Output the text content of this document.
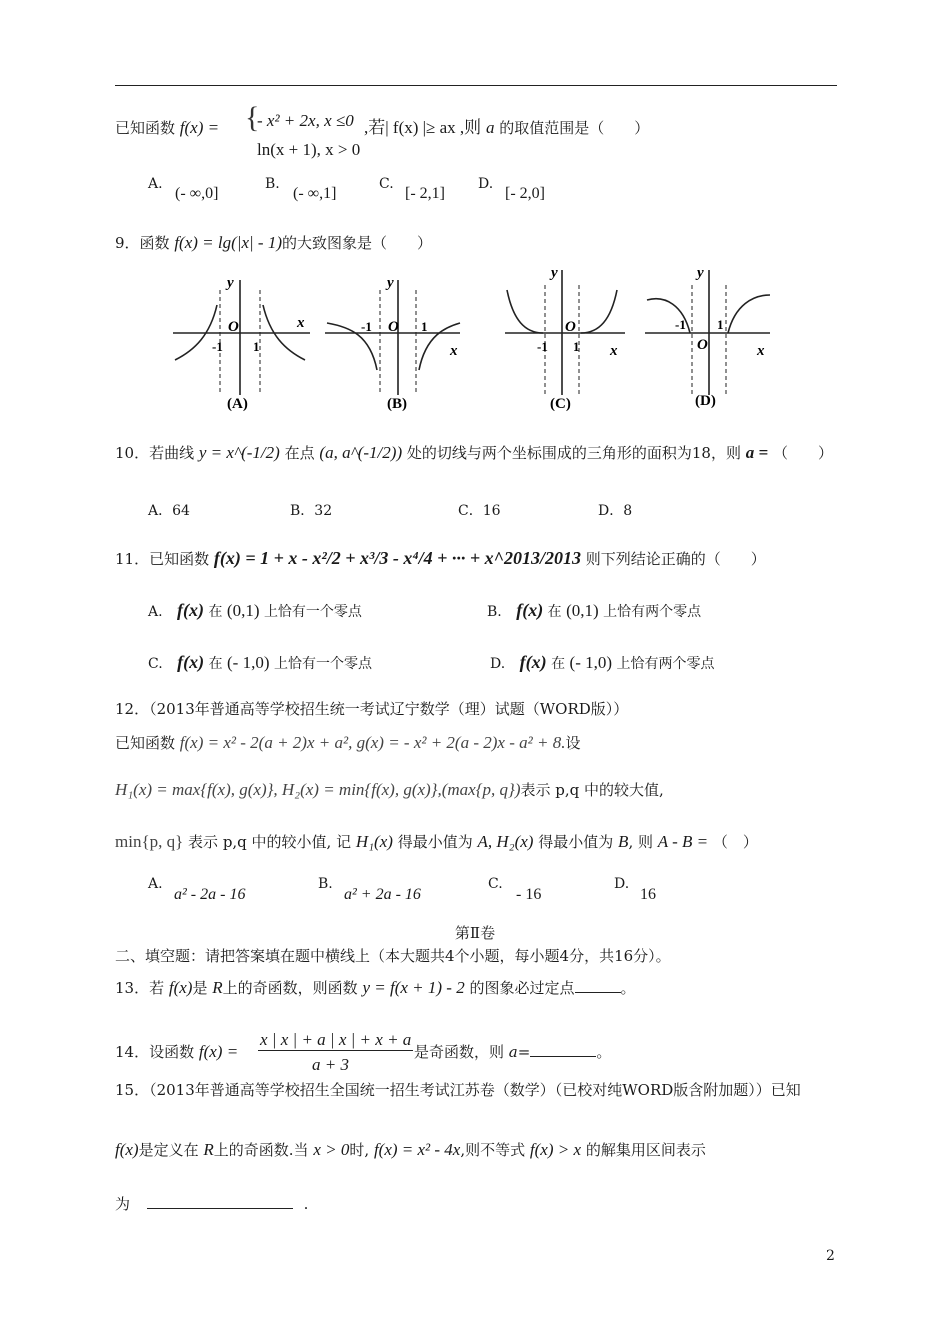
已知函数 f(x) = {
- x² + 2x, x ≤0
ln(x + 1), x > 0
,若| f(x) |≥ ax ,则 a 的取值范围是（　　）
A.
(- ∞,0]
B.
(- ∞,1]
C.
[- 2,1]
D.
[- 2,0]
9．函数 f(x) = lg(|x| - 1)的大致图象是（　　）
y
x
O
-1 1
(A)
y
x
O
-1	1
(B)
y
x
O
-1 1
(C)
y
x
O
-1 1
(D)
10．若曲线 y = x^(-1/2) 在点 (a, a^(-1/2)) 处的切线与两个坐标围成的三角形的面积为18，则 a = （　　）
A．64	B．32	C．16	D．8
11．已知函数 f(x) = 1 + x - x²/2 + x³/3 - x⁴/4 + ··· + x^2013/2013 则下列结论正确的（　　）
A. f(x) 在 (0,1) 上恰有一个零点	B. f(x) 在 (0,1) 上恰有两个零点
C. f(x) 在 (- 1,0) 上恰有一个零点	D. f(x) 在 (- 1,0) 上恰有两个零点
12．（2013年普通高等学校招生统一考试辽宁数学（理）试题（WORD版））
已知函数 f(x) = x² - 2(a + 2)x + a², g(x) = - x² + 2(a - 2)x - a² + 8.设
H₁(x) = max{f(x), g(x)}, H₂(x) = min{f(x), g(x)},(max{p, q})表示 p,q 中的较大值,
min{p, q} 表示 p,q 中的较小值, 记 H₁(x) 得最小值为 A, H₂(x) 得最小值为 B, 则 A - B = （　）
A.
a² - 2a - 16
B.
a² + 2a - 16
C.
- 16
D.
16
第Ⅱ卷
二、填空题：请把答案填在题中横线上（本大题共4个小题，每小题4分，共16分）。
13．若 f(x)是 R上的奇函数，则函数 y = f(x + 1) - 2 的图象必过定点	。
14．设函数 f(x) =
x | x | + a | x | + x + a
a + 3
是奇函数，则 a=	。
15．（2013年普通高等学校招生全国统一招生考试江苏卷（数学）（已校对纯WORD版含附加题））已知
f(x)是定义在 R上的奇函数.当 x > 0时, f(x) = x² - 4x,则不等式 f(x) > x 的解集用区间表示
为	.
2
